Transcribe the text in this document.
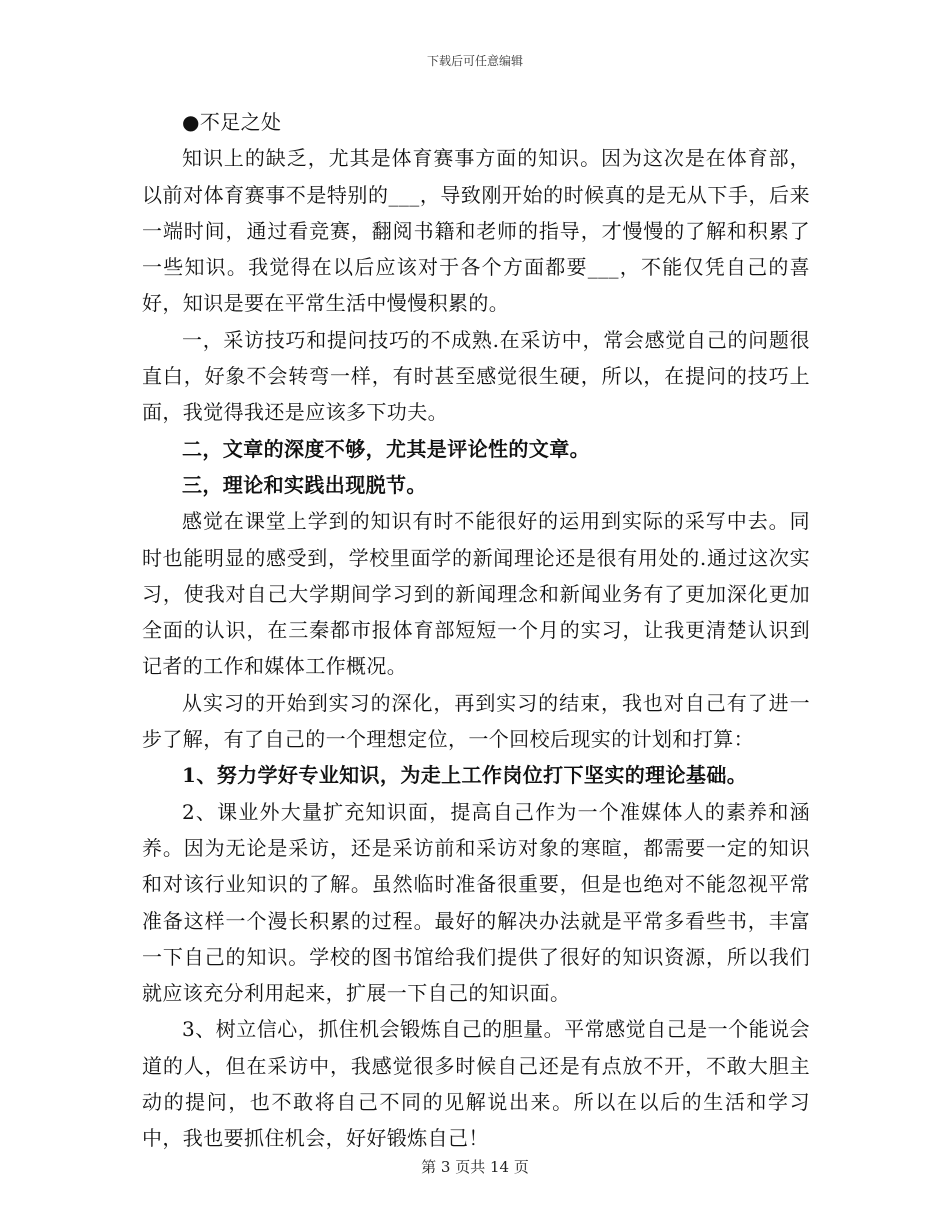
下载后可任意编辑

●不足之处

知识上的缺乏，尤其是体育赛事方面的知识。因为这次是在体育部，以前对体育赛事不是特别的___，导致刚开始的时候真的是无从下手，后来一端时间，通过看竞赛，翻阅书籍和老师的指导，才慢慢的了解和积累了一些知识。我觉得在以后应该对于各个方面都要___，不能仅凭自己的喜好，知识是要在平常生活中慢慢积累的。

一，采访技巧和提问技巧的不成熟.在采访中，常会感觉自己的问题很直白，好象不会转弯一样，有时甚至感觉很生硬，所以，在提问的技巧上面，我觉得我还是应该多下功夫。

二，文章的深度不够，尤其是评论性的文章。

三，理论和实践出现脱节。

感觉在课堂上学到的知识有时不能很好的运用到实际的采写中去。同时也能明显的感受到，学校里面学的新闻理论还是很有用处的.通过这次实习，使我对自己大学期间学习到的新闻理念和新闻业务有了更加深化更加全面的认识，在三秦都市报体育部短短一个月的实习，让我更清楚认识到记者的工作和媒体工作概况。

从实习的开始到实习的深化，再到实习的结束，我也对自己有了进一步了解，有了自己的一个理想定位，一个回校后现实的计划和打算：

1、努力学好专业知识，为走上工作岗位打下坚实的理论基础。

2、课业外大量扩充知识面，提高自己作为一个准媒体人的素养和涵养。因为无论是采访，还是采访前和采访对象的寒暄，都需要一定的知识和对该行业知识的了解。虽然临时准备很重要，但是也绝对不能忽视平常准备这样一个漫长积累的过程。最好的解决办法就是平常多看些书，丰富一下自己的知识。学校的图书馆给我们提供了很好的知识资源，所以我们就应该充分利用起来，扩展一下自己的知识面。

3、树立信心，抓住机会锻炼自己的胆量。平常感觉自己是一个能说会道的人，但在采访中，我感觉很多时候自己还是有点放不开，不敢大胆主动的提问，也不敢将自己不同的见解说出来。所以在以后的生活和学习中，我也要抓住机会，好好锻炼自己！

第 3 页共 14 页
